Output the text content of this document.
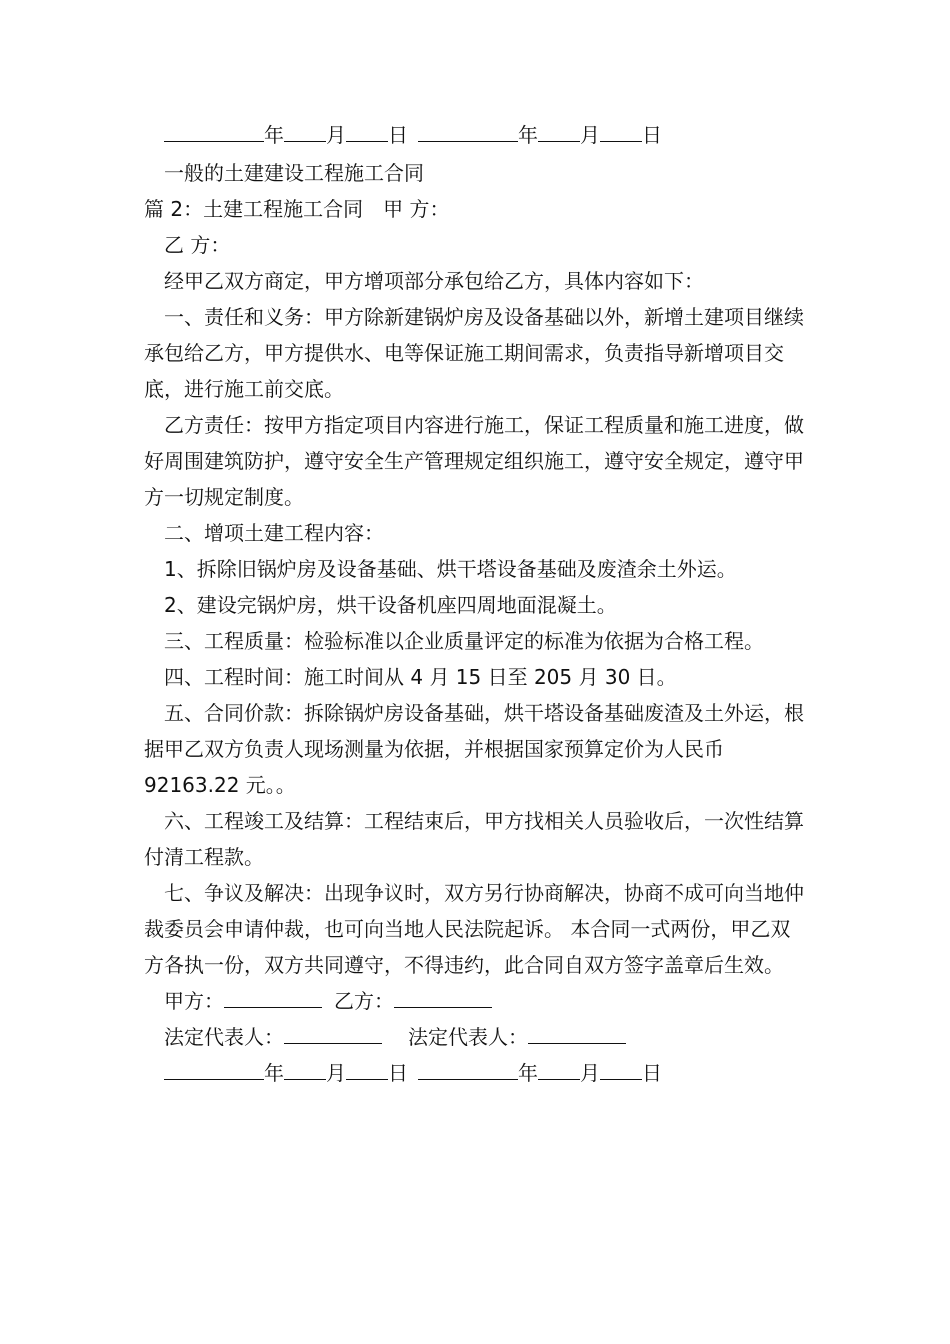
年 月 日	年 月 日
一般的土建建设工程施工合同
篇 2：土建工程施工合同 甲 方：
乙 方：
经甲乙双方商定，甲方增项部分承包给乙方，具体内容如下：
一、责任和义务：甲方除新建锅炉房及设备基础以外，新增土建项目继续承包给乙方，甲方提供水、电等保证施工期间需求，负责指导新增项目交底，进行施工前交底。
乙方责任：按甲方指定项目内容进行施工，保证工程质量和施工进度，做好周围建筑防护，遵守安全生产管理规定组织施工，遵守安全规定，遵守甲方一切规定制度。
二、增项土建工程内容：
1、拆除旧锅炉房及设备基础、烘干塔设备基础及废渣余土外运。
2、建设完锅炉房，烘干设备机座四周地面混凝土。
三、工程质量：检验标准以企业质量评定的标准为依据为合格工程。
四、工程时间：施工时间从 4 月 15 日至 205 月 30 日。
五、合同价款：拆除锅炉房设备基础，烘干塔设备基础废渣及土外运，根据甲乙双方负责人现场测量为依据，并根据国家预算定价为人民币 92163.22 元。。
六、工程竣工及结算：工程结束后，甲方找相关人员验收后，一次性结算付清工程款。
七、争议及解决：出现争议时，双方另行协商解决，协商不成可向当地仲裁委员会申请仲裁，也可向当地人民法院起诉。 本合同一式两份，甲乙双方各执一份，双方共同遵守，不得违约，此合同自双方签字盖章后生效。
甲方：	乙方：
法定代表人：	法定代表人：
年 月 日	年 月 日
